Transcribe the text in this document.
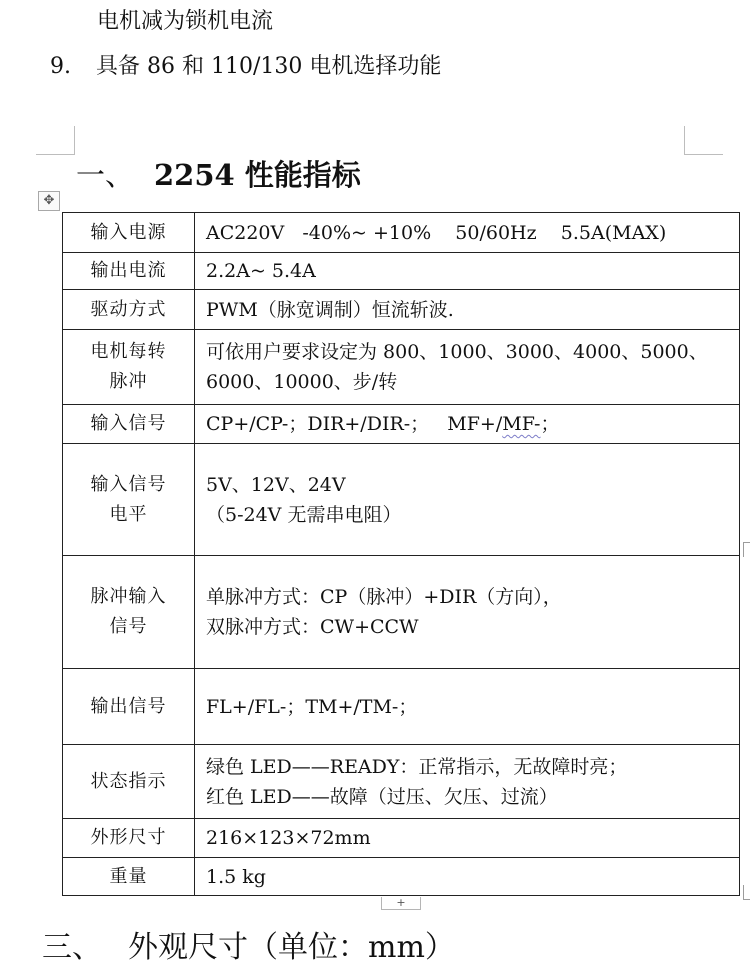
电机减为锁机电流
9. 具备 86 和 110/130 电机选择功能
一、 2254 性能指标
✥
输入电源	AC220V   -40%~ +10%    50/60Hz    5.5A(MAX)

输出电流	2.2A~ 5.4A

驱动方式	PWM（脉宽调制）恒流斩波.

电机每转
脉冲	可依用户要求设定为 800、1000、3000、4000、5000、
6000、10000、步/转

输入信号	CP+/CP-；DIR+/DIR-；   MF+/MF-；

输入信号
电平	5V、12V、24V
（5-24V 无需串电阻）

脉冲输入
信号	单脉冲方式：CP（脉冲）+DIR（方向），
双脉冲方式：CW+CCW

输出信号	FL+/FL-；TM+/TM-；

状态指示	绿色 LED——READY：正常指示，无故障时亮；
红色 LED——故障（过压、欠压、过流）

外形尺寸	216×123×72mm

重量	1.5 kg
+
三、 外观尺寸（单位：mm）
